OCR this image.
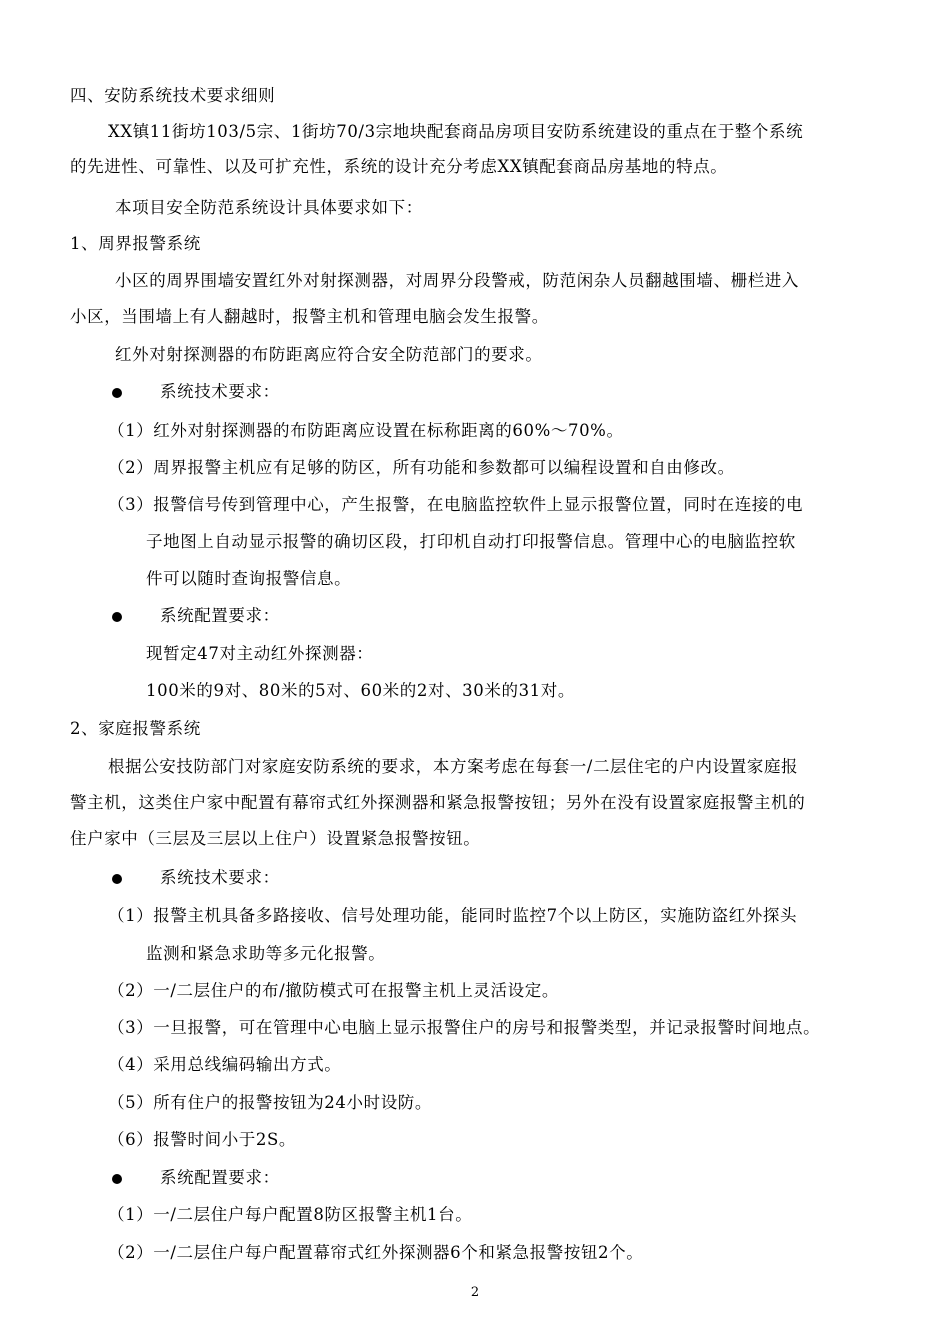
四、安防系统技术要求细则
XX镇11街坊103/5宗、1街坊70/3宗地块配套商品房项目安防系统建设的重点在于整个系统
的先进性、可靠性、以及可扩充性，系统的设计充分考虑XX镇配套商品房基地的特点。
本项目安全防范系统设计具体要求如下：
1、周界报警系统
小区的周界围墙安置红外对射探测器，对周界分段警戒，防范闲杂人员翻越围墙、栅栏进入
小区，当围墙上有人翻越时，报警主机和管理电脑会发生报警。
红外对射探测器的布防距离应符合安全防范部门的要求。
系统技术要求：
（1）红外对射探测器的布防距离应设置在标称距离的60%～70%。
（2）周界报警主机应有足够的防区，所有功能和参数都可以编程设置和自由修改。
（3）报警信号传到管理中心，产生报警，在电脑监控软件上显示报警位置，同时在连接的电
子地图上自动显示报警的确切区段，打印机自动打印报警信息。管理中心的电脑监控软
件可以随时查询报警信息。
系统配置要求：
现暂定47对主动红外探测器：
100米的9对、80米的5对、60米的2对、30米的31对。
2、家庭报警系统
根据公安技防部门对家庭安防系统的要求，本方案考虑在每套一/二层住宅的户内设置家庭报
警主机，这类住户家中配置有幕帘式红外探测器和紧急报警按钮；另外在没有设置家庭报警主机的
住户家中（三层及三层以上住户）设置紧急报警按钮。
系统技术要求：
（1）报警主机具备多路接收、信号处理功能，能同时监控7个以上防区，实施防盗红外探头
监测和紧急求助等多元化报警。
（2）一/二层住户的布/撤防模式可在报警主机上灵活设定。
（3）一旦报警，可在管理中心电脑上显示报警住户的房号和报警类型，并记录报警时间地点。
（4）采用总线编码输出方式。
（5）所有住户的报警按钮为24小时设防。
（6）报警时间小于2S。
系统配置要求：
（1）一/二层住户每户配置8防区报警主机1台。
（2）一/二层住户每户配置幕帘式红外探测器6个和紧急报警按钮2个。
2
